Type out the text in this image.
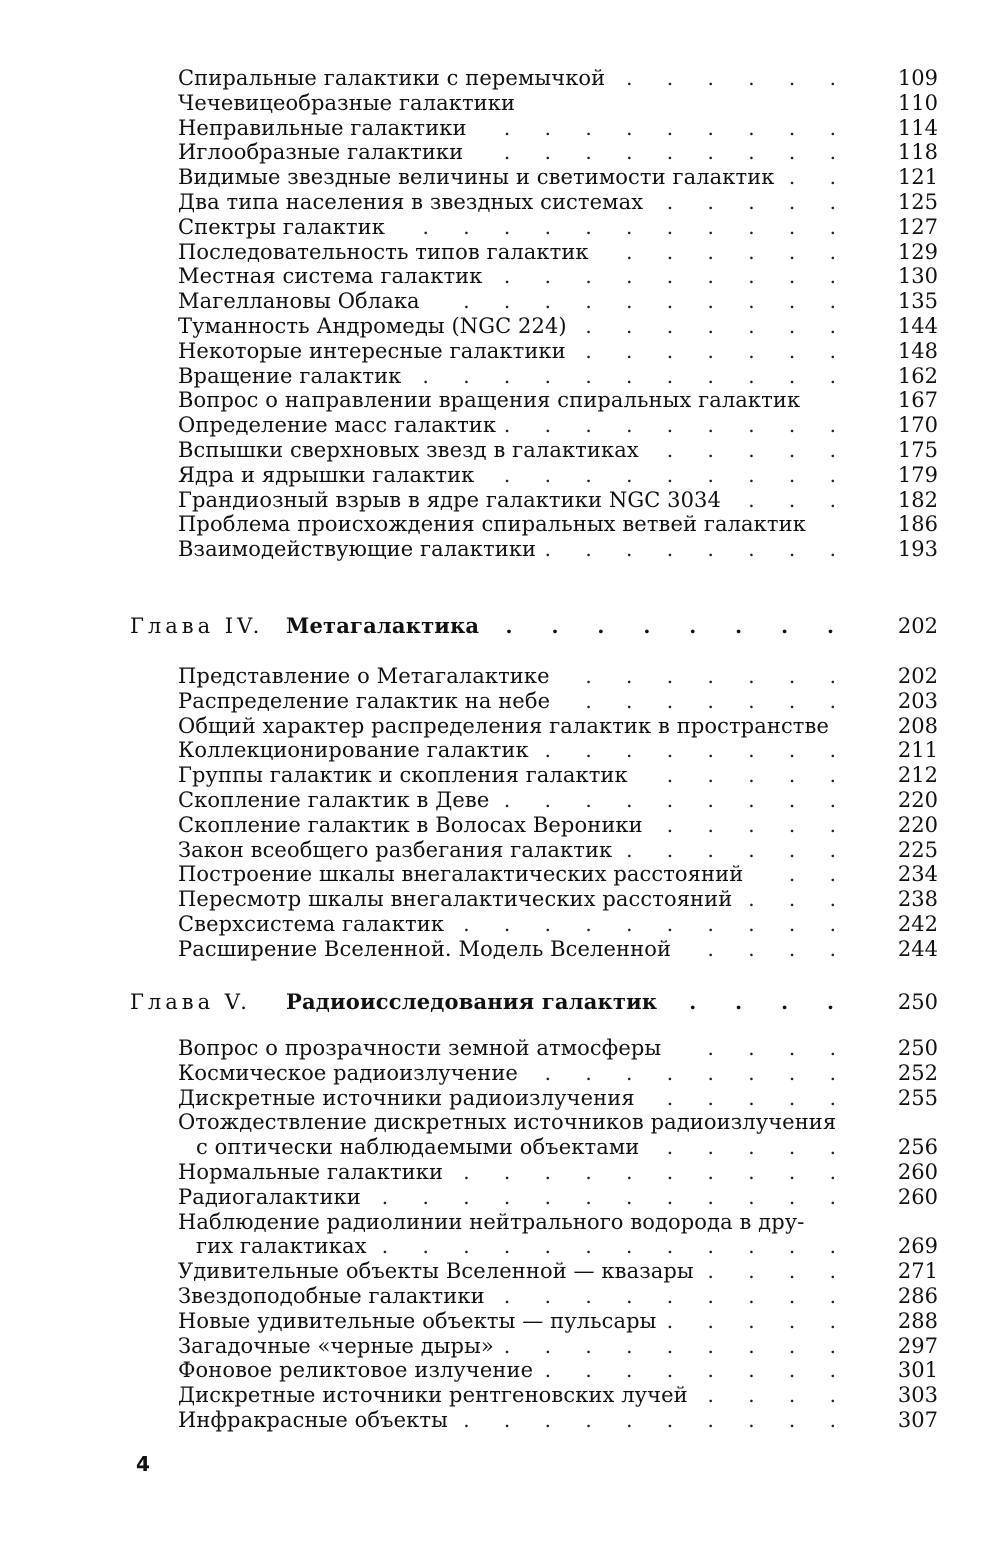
Спиральные галактики с перемычкой . . . . . .	109
Чечевицеобразные галактики	110
Неправильные галактики . . . . . . . . .	114
Иглообразные галактики . . . . . . . . .	118
Видимые звездные величины и светимости галактик . .	121
Два типа населения в звездных системах . . . . .	125
Спектры галактик . . . . . . . . . . .	127
Последовательность типов галактик . . . . . .	129
Местная система галактик . . . . . . . . .	130
Магеллановы Облака . . . . . . . . . .	135
Туманность Андромеды (NGC 224) . . . . . . .	144
Некоторые интересные галактики . . . . . . .	148
Вращение галактик . . . . . . . . . . .	162
Вопрос о направлении вращения спиральных галактик	167
Определение масс галактик . . . . . . . . .	170
Вспышки сверхновых звезд в галактиках . . . . .	175
Ядра и ядрышки галактик . . . . . . . . .	179
Грандиозный взрыв в ядре галактики NGC 3034 . . .	182
Проблема происхождения спиральных ветвей галактик	186
Взаимодействующие галактики . . . . . . . .	193
Глава IV. Метагалактика . . . . . . . .	202
Представление о Метагалактике . . . . . . .	202
Распределение галактик на небе . . . . . . .	203
Общий характер распределения галактик в пространстве	208
Коллекционирование галактик . . . . . . . .	211
Группы галактик и скопления галактик . . . . .	212
Скопление галактик в Деве . . . . . . . . .	220
Скопление галактик в Волосах Вероники . . . . .	220
Закон всеобщего разбегания галактик . . . . . .	225
Построение шкалы внегалактических расстояний . .	234
Пересмотр шкалы внегалактических расстояний . . .	238
Сверхсистема галактик . . . . . . . . . .	242
Расширение Вселенной. Модель Вселенной . . . .	244
Глава V. Радиоисследования галактик . . . .	250
Вопрос о прозрачности земной атмосферы . . . .	250
Космическое радиоизлучение . . . . . . . .	252
Дискретные источники радиоизлучения . . . . .	255
Отождествление дискретных источников радиоизлучения
с оптически наблюдаемыми объектами . . . . .	256
Нормальные галактики . . . . . . . . . .	260
Радиогалактики . . . . . . . . . . . .	260
Наблюдение радиолинии нейтрального водорода в дру-
гих галактиках . . . . . . . . . . . .	269
Удивительные объекты Вселенной — квазары . . . .	271
Звездоподобные галактики . . . . . . . . .	286
Новые удивительные объекты — пульсары . . . . .	288
Загадочные «черные дыры» . . . . . . . . .	297
Фоновое реликтовое излучение . . . . . . . .	301
Дискретные источники рентгеновских лучей . . . .	303
Инфракрасные объекты . . . . . . . . . .	307
4
